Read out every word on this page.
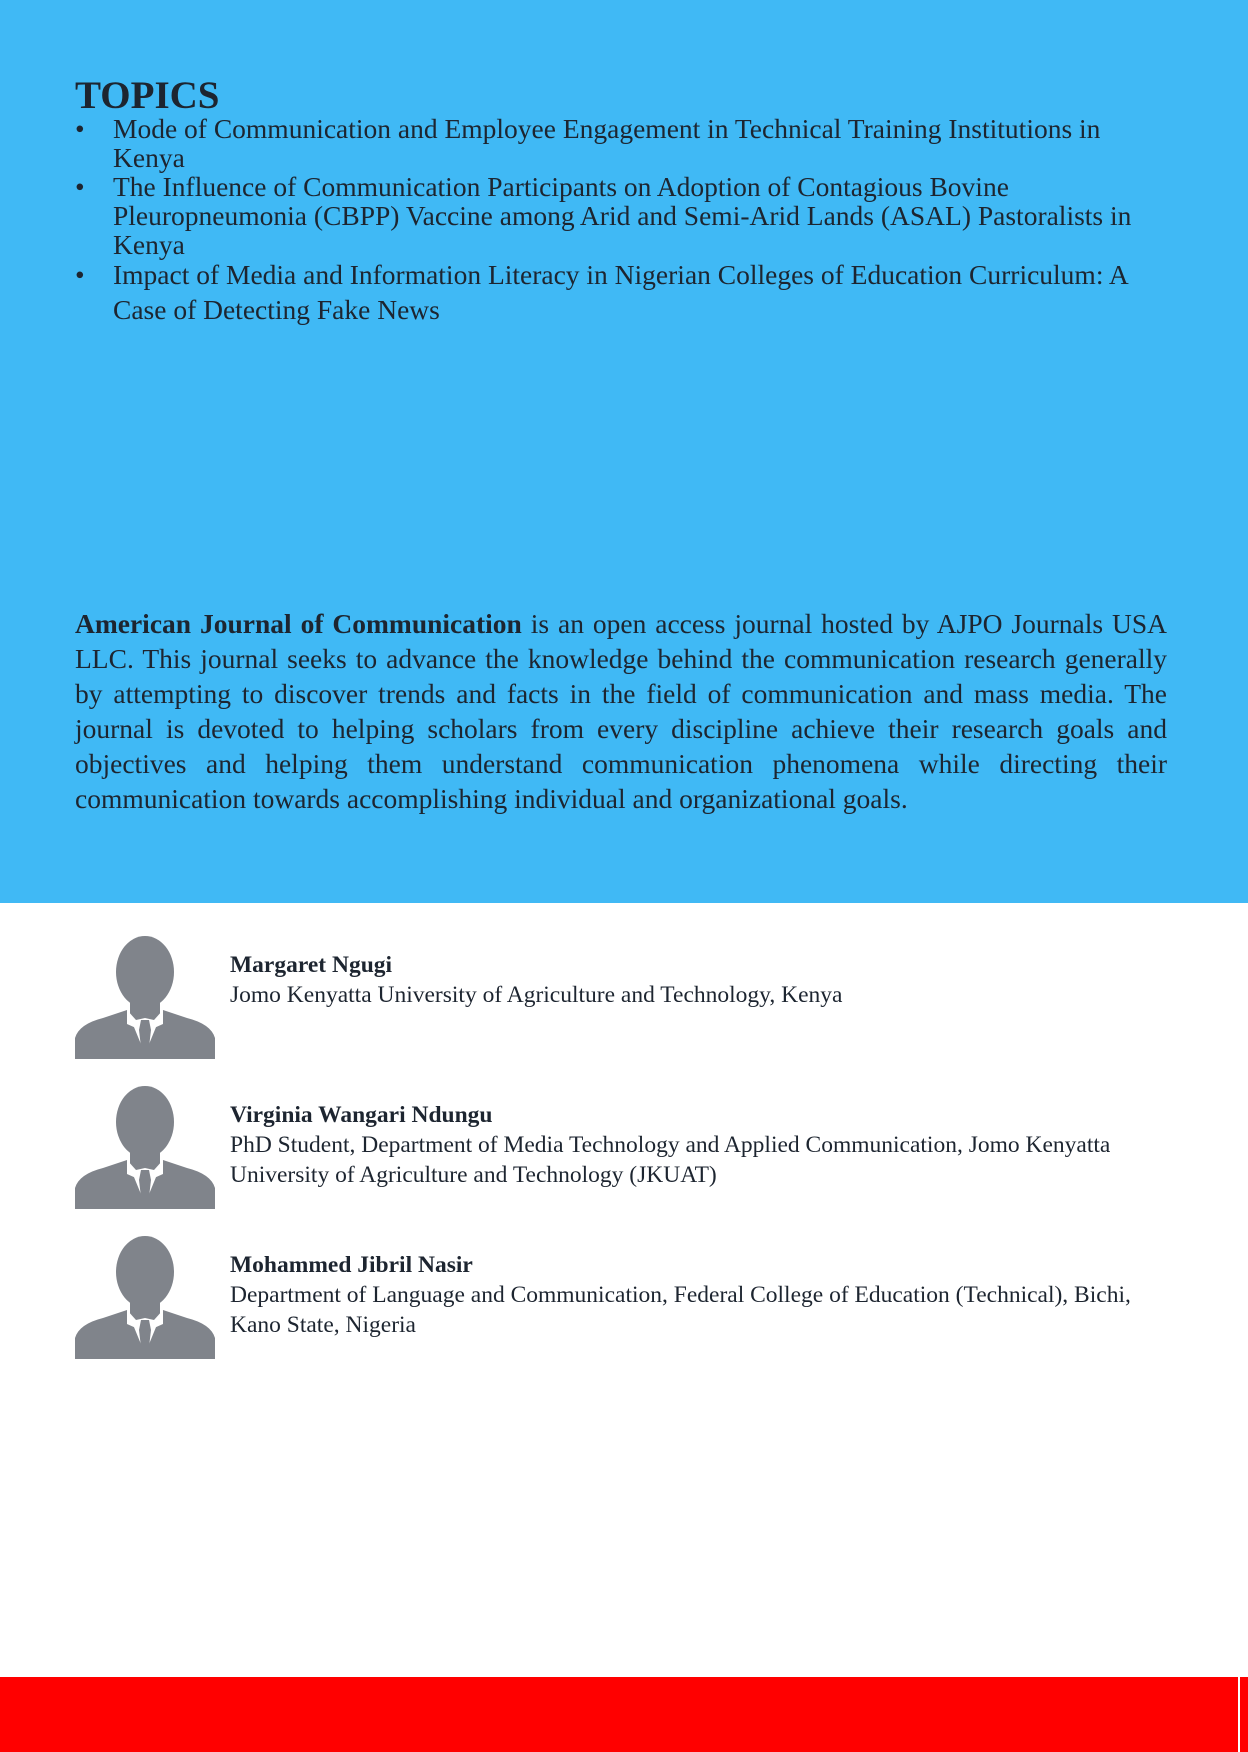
TOPICS
• Mode of Communication and Employee Engagement in Technical Training Institutions in Kenya
• The Influence of Communication Participants on Adoption of Contagious Bovine Pleuropneumonia (CBPP) Vaccine among Arid and Semi-Arid Lands (ASAL) Pastoralists in Kenya
• Impact of Media and Information Literacy in Nigerian Colleges of Education Curriculum: A Case of Detecting Fake News

American Journal of Communication is an open access journal hosted by AJPO Journals USA LLC. This journal seeks to advance the knowledge behind the communication research generally by attempting to discover trends and facts in the field of communication and mass media. The journal is devoted to helping scholars from every discipline achieve their research goals and objectives and helping them understand communication phenomena while directing their communication towards accomplishing individual and organizational goals.

Margaret Ngugi
Jomo Kenyatta University of Agriculture and Technology, Kenya
Virginia Wangari Ndungu
PhD Student, Department of Media Technology and Applied Communication, Jomo Kenyatta University of Agriculture and Technology (JKUAT)
Mohammed Jibril Nasir
Department of Language and Communication, Federal College of Education (Technical), Bichi, Kano State, Nigeria
